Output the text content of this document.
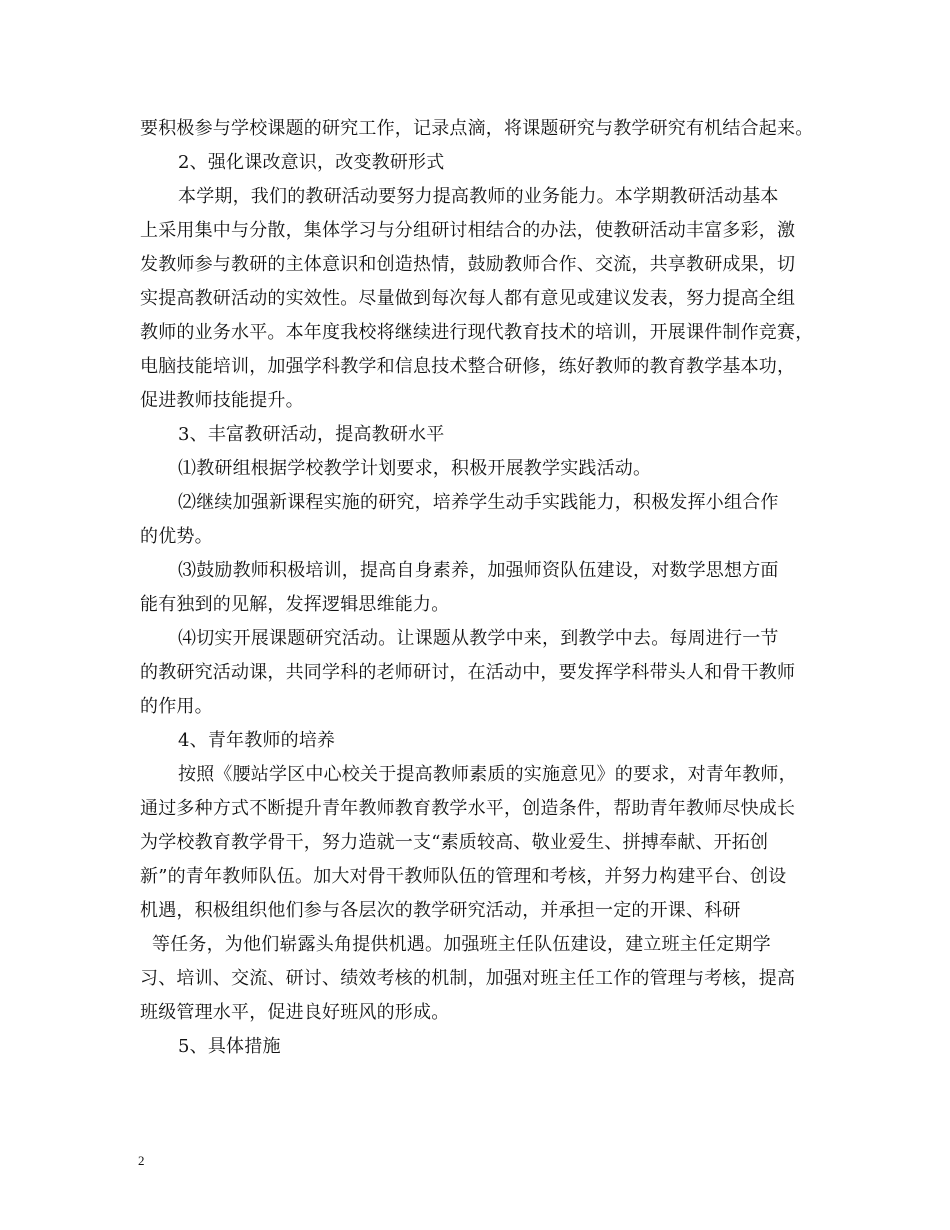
要积极参与学校课题的研究工作，记录点滴，将课题研究与教学研究有机结合起来。
2、强化课改意识，改变教研形式
本学期，我们的教研活动要努力提高教师的业务能力。本学期教研活动基本
上采用集中与分散，集体学习与分组研讨相结合的办法，使教研活动丰富多彩，激
发教师参与教研的主体意识和创造热情，鼓励教师合作、交流，共享教研成果，切
实提高教研活动的实效性。尽量做到每次每人都有意见或建议发表，努力提高全组
教师的业务水平。本年度我校将继续进行现代教育技术的培训，开展课件制作竞赛，
电脑技能培训，加强学科教学和信息技术整合研修，练好教师的教育教学基本功，
促进教师技能提升。
3、丰富教研活动，提高教研水平
⑴教研组根据学校教学计划要求，积极开展教学实践活动。
⑵继续加强新课程实施的研究，培养学生动手实践能力，积极发挥小组合作
的优势。
⑶鼓励教师积极培训，提高自身素养，加强师资队伍建设，对数学思想方面
能有独到的见解，发挥逻辑思维能力。
⑷切实开展课题研究活动。让课题从教学中来，到教学中去。每周进行一节
的教研究活动课，共同学科的老师研讨，在活动中，要发挥学科带头人和骨干教师
的作用。
4、青年教师的培养
按照《腰站学区中心校关于提高教师素质的实施意见》的要求，对青年教师，
通过多种方式不断提升青年教师教育教学水平，创造条件，帮助青年教师尽快成长
为学校教育教学骨干，努力造就一支“素质较高、敬业爱生、拼搏奉献、开拓创
新”的青年教师队伍。加大对骨干教师队伍的管理和考核，并努力构建平台、创设
机遇，积极组织他们参与各层次的教学研究活动，并承担一定的开课、科研
等任务，为他们崭露头角提供机遇。加强班主任队伍建设，建立班主任定期学
习、培训、交流、研讨、绩效考核的机制，加强对班主任工作的管理与考核，提高
班级管理水平，促进良好班风的形成。
5、具体措施
2
